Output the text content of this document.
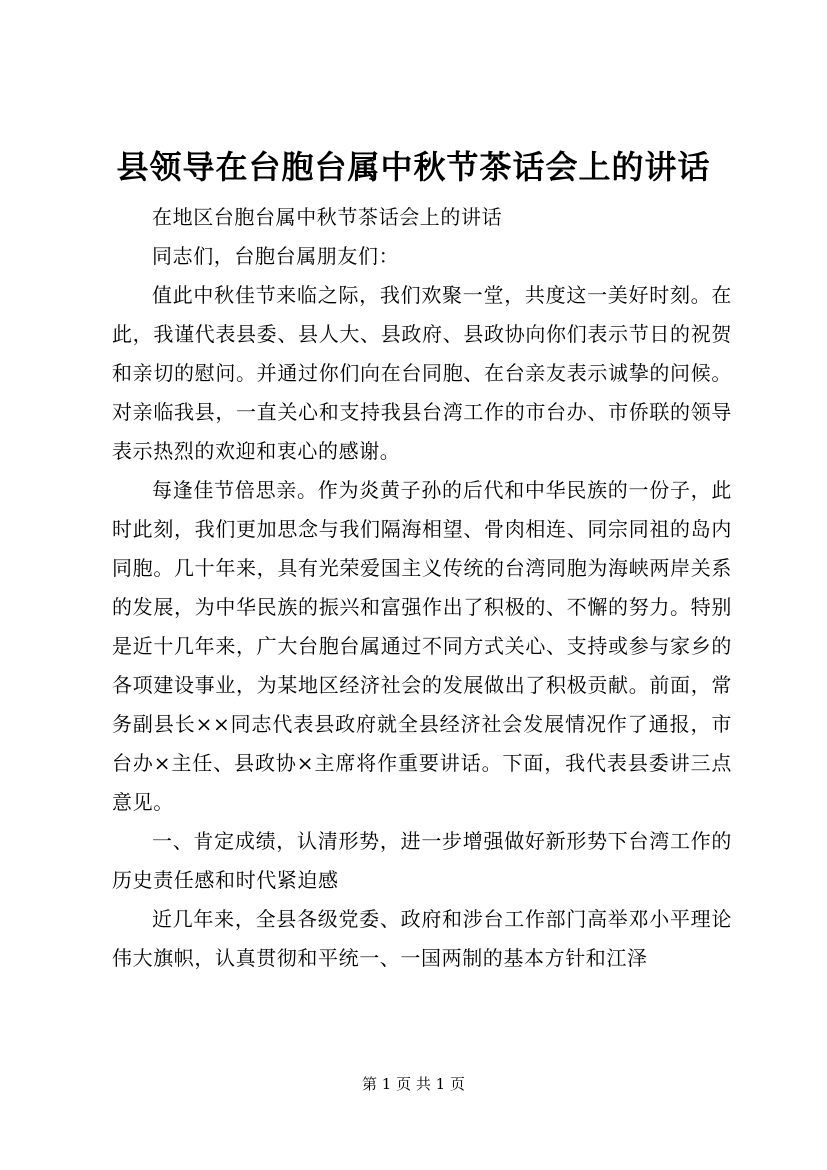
县领导在台胞台属中秋节茶话会上的讲话

在地区台胞台属中秋节茶话会上的讲话

同志们，台胞台属朋友们：

值此中秋佳节来临之际，我们欢聚一堂，共度这一美好时刻。在此，我谨代表县委、县人大、县政府、县政协向你们表示节日的祝贺和亲切的慰问。并通过你们向在台同胞、在台亲友表示诚挚的问候。对亲临我县，一直关心和支持我县台湾工作的市台办、市侨联的领导表示热烈的欢迎和衷心的感谢。

每逢佳节倍思亲。作为炎黄子孙的后代和中华民族的一份子，此时此刻，我们更加思念与我们隔海相望、骨肉相连、同宗同祖的岛内同胞。几十年来，具有光荣爱国主义传统的台湾同胞为海峡两岸关系的发展，为中华民族的振兴和富强作出了积极的、不懈的努力。特别是近十几年来，广大台胞台属通过不同方式关心、支持或参与家乡的各项建设事业，为某地区经济社会的发展做出了积极贡献。前面，常务副县长××同志代表县政府就全县经济社会发展情况作了通报，市台办×主任、县政协×主席将作重要讲话。下面，我代表县委讲三点意见。

一、肯定成绩，认清形势，进一步增强做好新形势下台湾工作的历史责任感和时代紧迫感

近几年来，全县各级党委、政府和涉台工作部门高举邓小平理论伟大旗帜，认真贯彻和平统一、一国两制的基本方针和江泽

第 1 页 共 1 页
